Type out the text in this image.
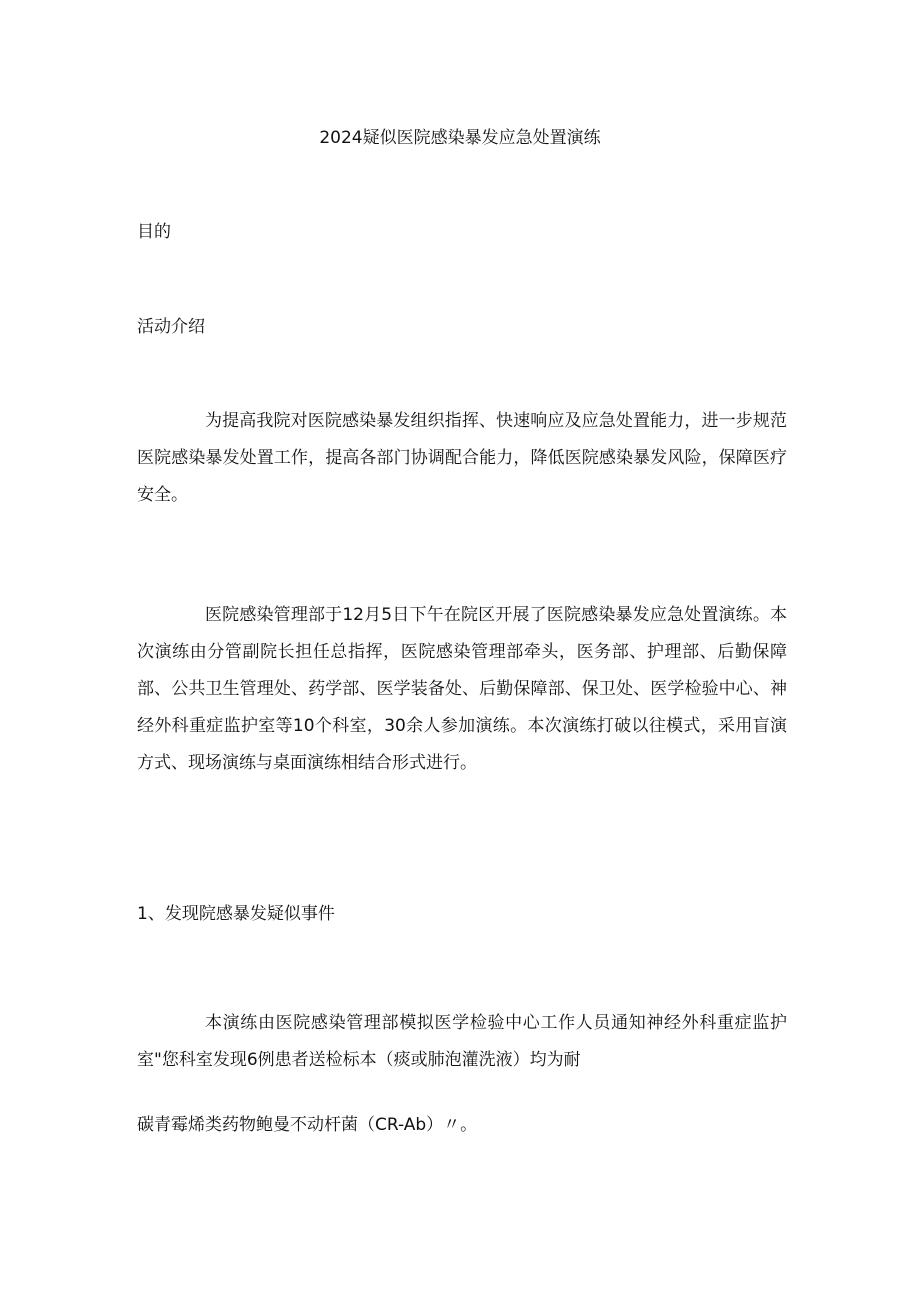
2024疑似医院感染暴发应急处置演练
目的
活动介绍

为提高我院对医院感染暴发组织指挥、快速响应及应急处置能力，进一步规范医院感染暴发处置工作，提高各部门协调配合能力，降低医院感染暴发风险，保障医疗安全。

医院感染管理部于12月5日下午在院区开展了医院感染暴发应急处置演练。本次演练由分管副院长担任总指挥，医院感染管理部牵头，医务部、护理部、后勤保障部、公共卫生管理处、药学部、医学装备处、后勤保障部、保卫处、医学检验中心、神经外科重症监护室等10个科室，30余人参加演练。本次演练打破以往模式，采用盲演方式、现场演练与桌面演练相结合形式进行。

1、发现院感暴发疑似事件

本演练由医院感染管理部模拟医学检验中心工作人员通知神经外科重症监护室"您科室发现6例患者送检标本（痰或肺泡灌洗液）均为耐

碳青霉烯类药物鲍曼不动杆菌（CR-Ab）〃。
